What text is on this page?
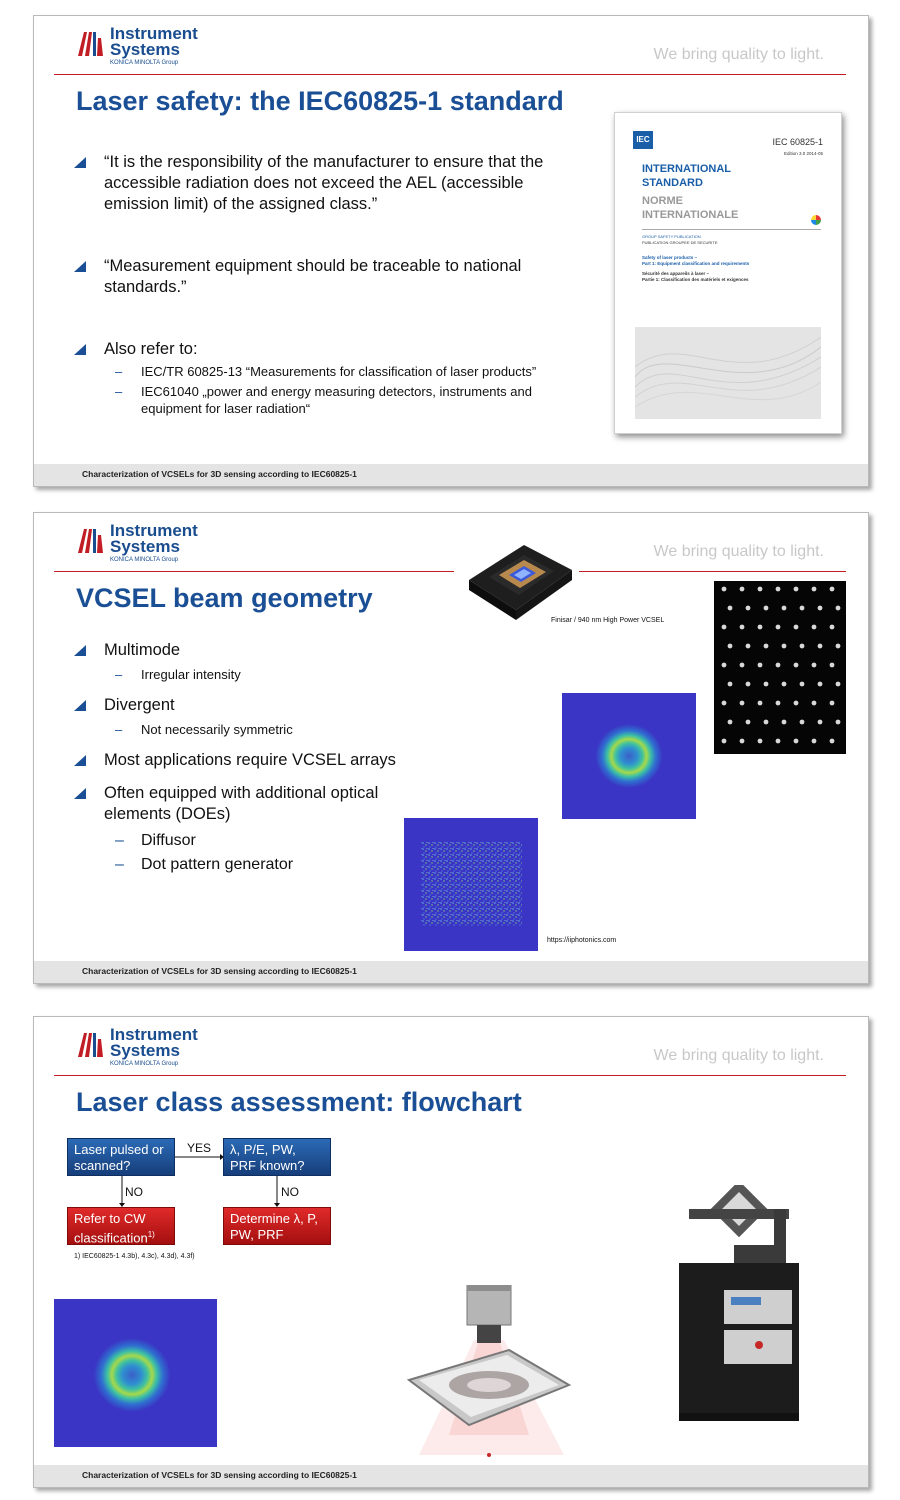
Instrument
Systems
KONICA MINOLTA Group	We bring quality to light.
Laser safety: the IEC60825-1 standard
“It is the responsibility of the manufacturer to ensure that the accessible radiation does not exceed the AEL (accessible emission limit) of the assigned class.”
“Measurement equipment should be traceable to national standards.”
Also refer to:
– IEC/TR 60825-13 “Measurements for classification of laser products”
– IEC61040 „power and energy measuring detectors, instruments and equipment for laser radiation“
IEC	IEC 60825-1
Edition 3.0 2014-05
INTERNATIONAL
STANDARD
NORME
INTERNATIONALE
GROUP SAFETY PUBLICATION
PUBLICATION GROUPEE DE SECURITE
Safety of laser products –
Part 1: Equipment classification and requirements
Sécurité des appareils à laser –
Partie 1: Classification des matériels et exigences
Characterization of VCSELs for 3D sensing according to IEC60825-1
Instrument
Systems
KONICA MINOLTA Group	We bring quality to light.
VCSEL beam geometry
Finisar / 940 nm High Power VCSEL
https://iiphotonics.com
Multimode
– Irregular intensity
Divergent
– Not necessarily symmetric
Most applications require VCSEL arrays
Often equipped with additional optical elements (DOEs)
– Diffusor
– Dot pattern generator
Characterization of VCSELs for 3D sensing according to IEC60825-1
Instrument
Systems
KONICA MINOLTA Group	We bring quality to light.
Laser class assessment: flowchart
Laser pulsed or scanned?
λ, P/E, PW, PRF known?
Refer to CW classification$^{1)}$
Determine λ, P, PW, PRF
YES
NO	NO
1) IEC60825-1 4.3b), 4.3c), 4.3d), 4.3f)
Characterization of VCSELs for 3D sensing according to IEC60825-1
